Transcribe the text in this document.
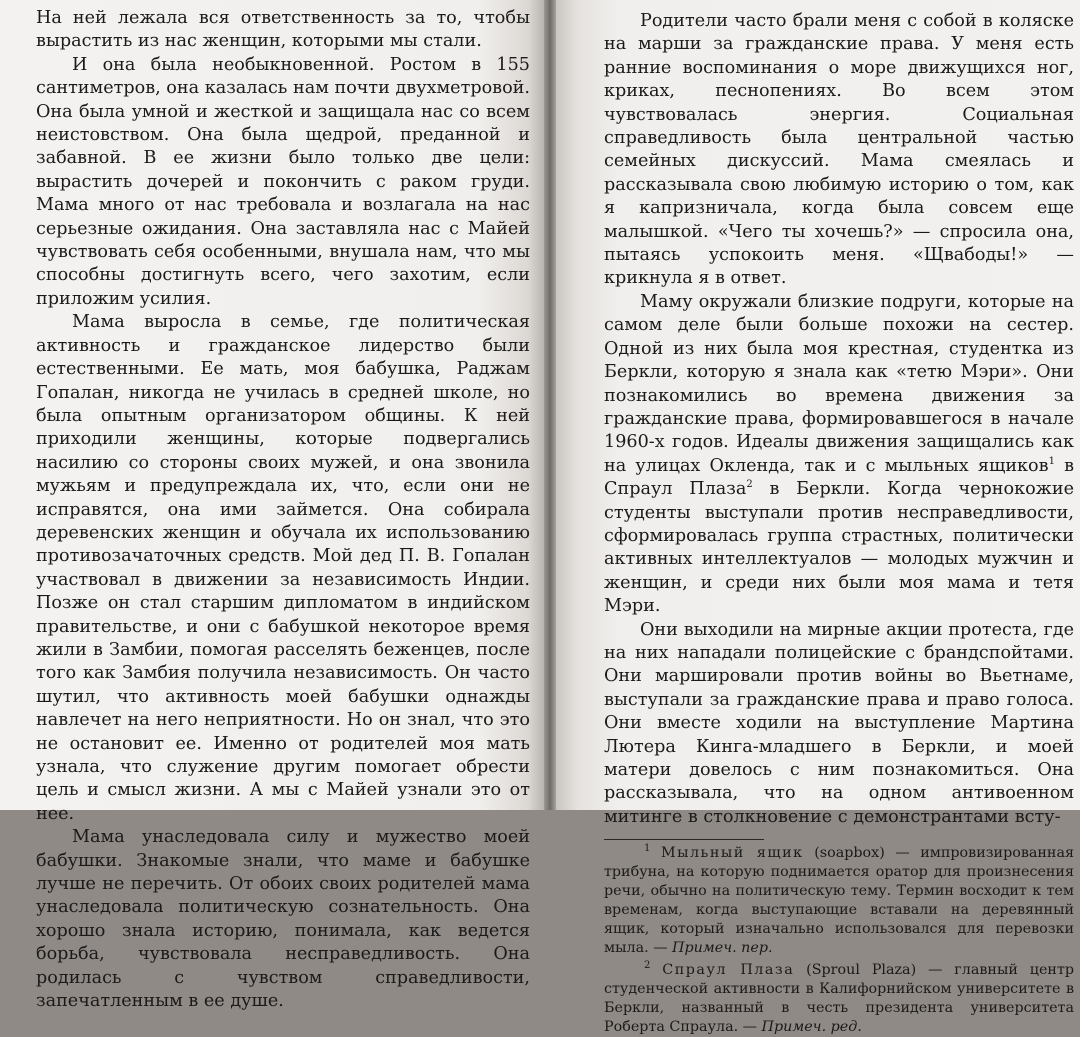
На ней лежала вся ответственность за то, чтобы вырастить из нас женщин, которыми мы стали.

И она была необыкновенной. Ростом в 155 сантиметров, она казалась нам почти двухметровой. Она была умной и жесткой и защищала нас со всем неистовством. Она была щедрой, преданной и забавной. В ее жизни было только две цели: вырастить дочерей и покончить с раком груди. Мама много от нас требовала и возлагала на нас серьезные ожидания. Она заставляла нас с Майей чувствовать себя особенными, внушала нам, что мы способны достигнуть всего, чего захотим, если приложим усилия.

Мама выросла в семье, где политическая активность и гражданское лидерство были естественными. Ее мать, моя бабушка, Раджам Гопалан, никогда не училась в средней школе, но была опытным организатором общины. К ней приходили женщины, которые подвергались насилию со стороны своих мужей, и она звонила мужьям и предупреждала их, что, если они не исправятся, она ими займется. Она собирала деревенских женщин и обучала их использованию противозачаточных средств. Мой дед П. В. Гопалан участвовал в движении за независимость Индии. Позже он стал старшим дипломатом в индийском правительстве, и они с бабушкой некоторое время жили в Замбии, помогая расселять беженцев, после того как Замбия получила независимость. Он часто шутил, что активность моей бабушки однажды навлечет на него неприятности. Но он знал, что это не остановит ее. Именно от родителей моя мать узнала, что служение другим помогает обрести цель и смысл жизни. А мы с Майей узнали это от нее.

Мама унаследовала силу и мужество моей бабушки. Знакомые знали, что маме и бабушке лучше не перечить. От обоих своих родителей мама унаследовала политическую сознательность. Она хорошо знала историю, понимала, как ведется борьба, чувствовала несправедливость. Она родилась с чувством справедливости, запечатленным в ее душе.

Родители часто брали меня с собой в коляске на марши за гражданские права. У меня есть ранние воспоминания о море движущихся ног, криках, песнопениях. Во всем этом чувствовалась энергия. Социальная справедливость была центральной частью семейных дискуссий. Мама смеялась и рассказывала свою любимую историю о том, как я капризничала, когда была совсем еще малышкой. «Чего ты хочешь?» — спросила она, пытаясь успокоить меня. «Щвабоды!» — крикнула я в ответ.

Маму окружали близкие подруги, которые на самом деле были больше похожи на сестер. Одной из них была моя крестная, студентка из Беркли, которую я знала как «тетю Мэри». Они познакомились во времена движения за гражданские права, формировавшегося в начале 1960-х годов. Идеалы движения защищались как на улицах Окленда, так и с мыльных ящиков$^1$ в Спраул Плаза$^2$ в Беркли. Когда чернокожие студенты выступали против несправедливости, сформировалась группа страстных, политически активных интеллектуалов — молодых мужчин и женщин, и среди них были моя мама и тетя Мэри.

Они выходили на мирные акции протеста, где на них нападали полицейские с брандспойтами. Они маршировали против войны во Вьетнаме, выступали за гражданские права и право голоса. Они вместе ходили на выступление Мартина Лютера Кинга-младшего в Беркли, и моей матери довелось с ним познакомиться. Она рассказывала, что на одном антивоенном митинге в столкновение с демонстрантами всту-

$^1$ Мыльный ящик (soapbox) — импровизированная трибуна, на которую поднимается оратор для произнесения речи, обычно на политическую тему. Термин восходит к тем временам, когда выступающие вставали на деревянный ящик, который изначально использовался для перевозки мыла. — Примеч. пер.

$^2$ Спраул Плаза (Sproul Plaza) — главный центр студенческой активности в Калифорнийском университете в Беркли, названный в честь президента университета Роберта Спраула. — Примеч. ред.
